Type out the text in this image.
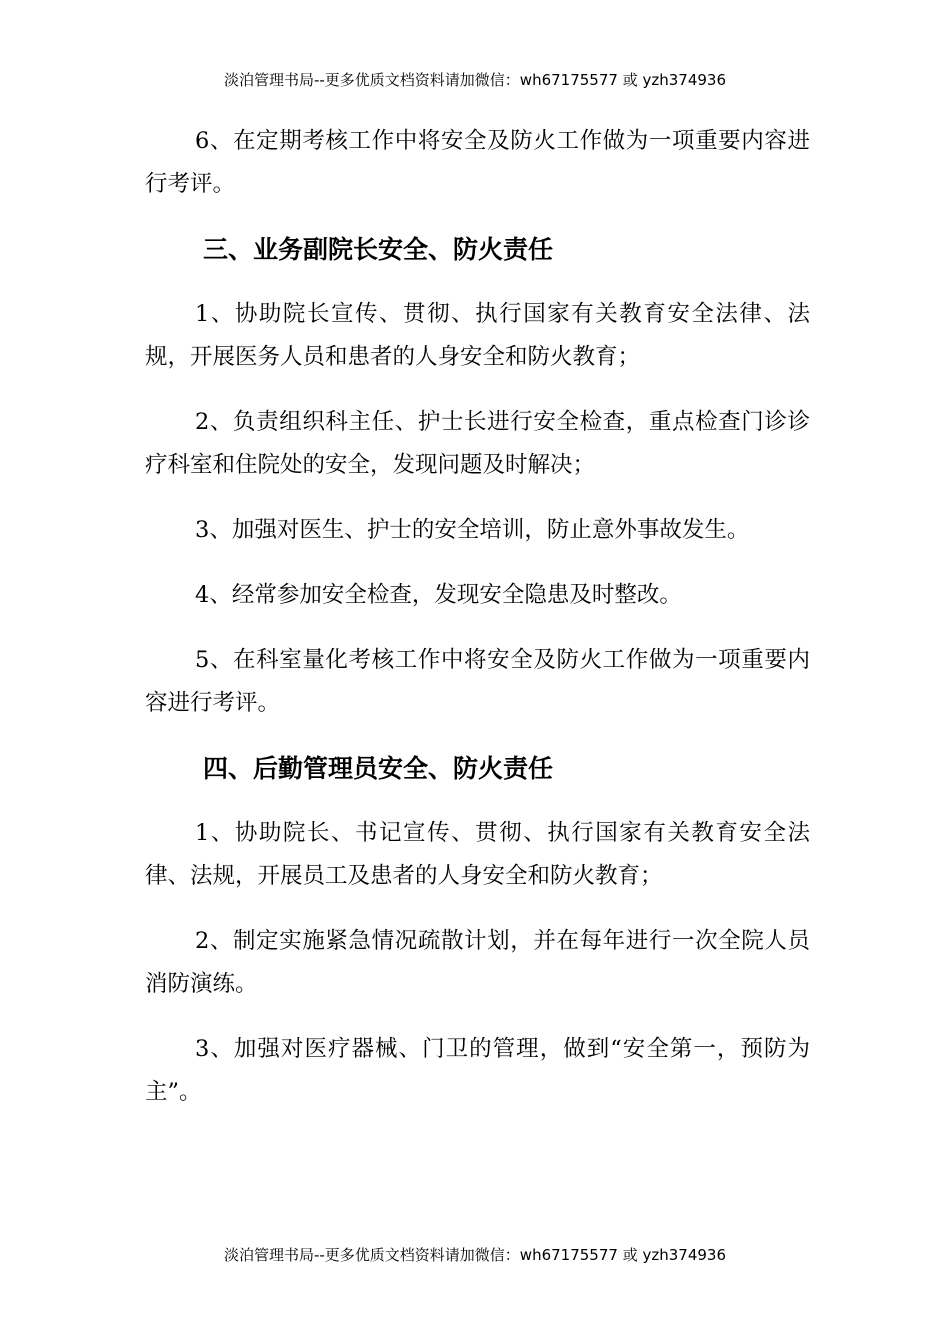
淡泊管理书局--更多优质文档资料请加微信：wh67175577 或 yzh374936

6、在定期考核工作中将安全及防火工作做为一项重要内容进行考评。

三、业务副院长安全、防火责任

1、协助院长宣传、贯彻、执行国家有关教育安全法律、法规，开展医务人员和患者的人身安全和防火教育；

2、负责组织科主任、护士长进行安全检查，重点检查门诊诊疗科室和住院处的安全，发现问题及时解决；

3、加强对医生、护士的安全培训，防止意外事故发生。

4、经常参加安全检查，发现安全隐患及时整改。

5、在科室量化考核工作中将安全及防火工作做为一项重要内容进行考评。

四、后勤管理员安全、防火责任

1、协助院长、书记宣传、贯彻、执行国家有关教育安全法律、法规，开展员工及患者的人身安全和防火教育；

2、制定实施紧急情况疏散计划，并在每年进行一次全院人员消防演练。

3、加强对医疗器械、门卫的管理，做到“安全第一，预防为主”。

淡泊管理书局--更多优质文档资料请加微信：wh67175577 或 yzh374936
